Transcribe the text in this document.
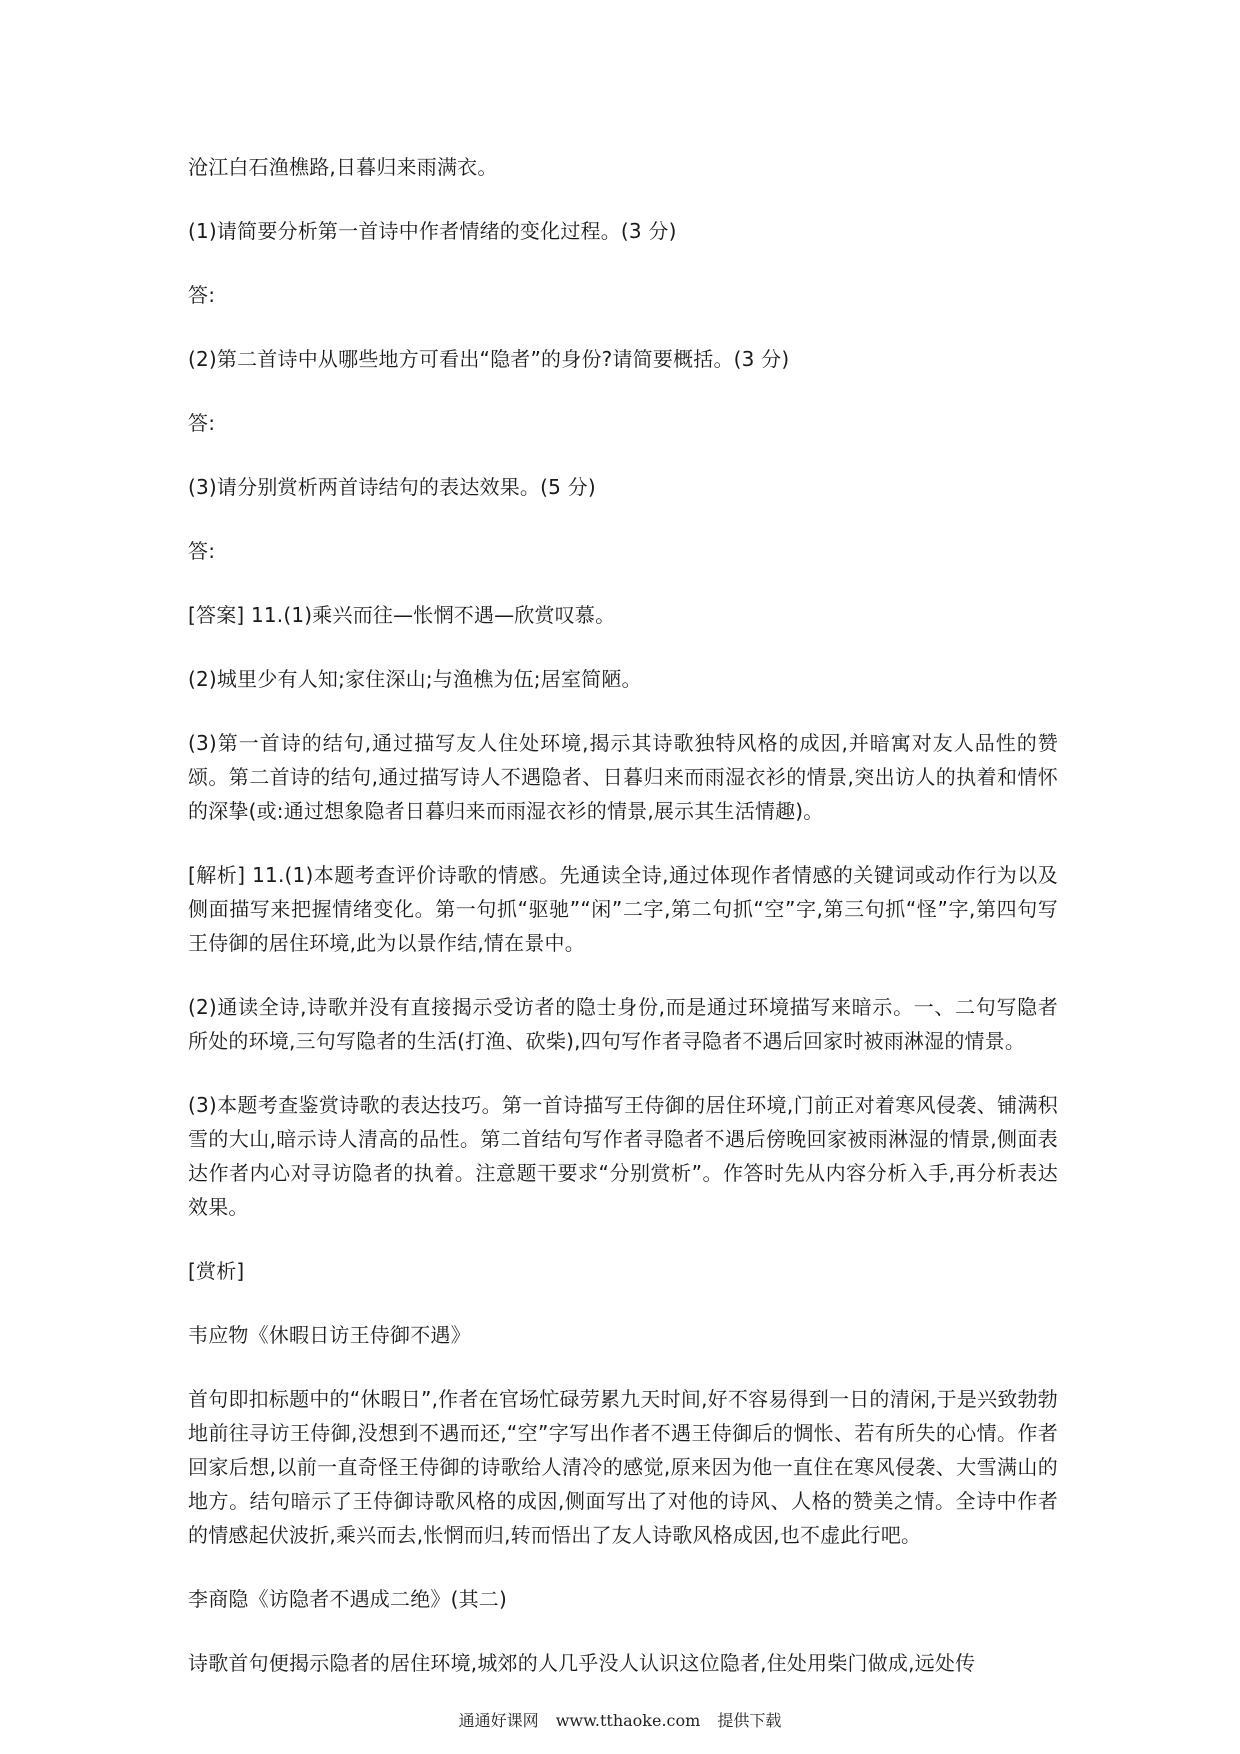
沧江白石渔樵路,日暮归来雨满衣。

(1)请简要分析第一首诗中作者情绪的变化过程。(3 分)

答:

(2)第二首诗中从哪些地方可看出“隐者”的身份?请简要概括。(3 分)

答:

(3)请分别赏析两首诗结句的表达效果。(5 分)

答:

[答案] 11.(1)乘兴而往—怅惘不遇—欣赏叹慕。

(2)城里少有人知;家住深山;与渔樵为伍;居室简陋。

(3)第一首诗的结句,通过描写友人住处环境,揭示其诗歌独特风格的成因,并暗寓对友人品性的赞颂。第二首诗的结句,通过描写诗人不遇隐者、日暮归来而雨湿衣衫的情景,突出访人的执着和情怀的深挚(或:通过想象隐者日暮归来而雨湿衣衫的情景,展示其生活情趣)。

[解析] 11.(1)本题考查评价诗歌的情感。先通读全诗,通过体现作者情感的关键词或动作行为以及侧面描写来把握情绪变化。第一句抓“驱驰”“闲”二字,第二句抓“空”字,第三句抓“怪”字,第四句写王侍御的居住环境,此为以景作结,情在景中。

(2)通读全诗,诗歌并没有直接揭示受访者的隐士身份,而是通过环境描写来暗示。一、二句写隐者所处的环境,三句写隐者的生活(打渔、砍柴),四句写作者寻隐者不遇后回家时被雨淋湿的情景。

(3)本题考查鉴赏诗歌的表达技巧。第一首诗描写王侍御的居住环境,门前正对着寒风侵袭、铺满积雪的大山,暗示诗人清高的品性。第二首结句写作者寻隐者不遇后傍晚回家被雨淋湿的情景,侧面表达作者内心对寻访隐者的执着。注意题干要求“分别赏析”。作答时先从内容分析入手,再分析表达效果。

[赏析]

韦应物《休暇日访王侍御不遇》

首句即扣标题中的“休暇日”,作者在官场忙碌劳累九天时间,好不容易得到一日的清闲,于是兴致勃勃地前往寻访王侍御,没想到不遇而还,“空”字写出作者不遇王侍御后的惆怅、若有所失的心情。作者回家后想,以前一直奇怪王侍御的诗歌给人清冷的感觉,原来因为他一直住在寒风侵袭、大雪满山的地方。结句暗示了王侍御诗歌风格的成因,侧面写出了对他的诗风、人格的赞美之情。全诗中作者的情感起伏波折,乘兴而去,怅惘而归,转而悟出了友人诗歌风格成因,也不虚此行吧。

李商隐《访隐者不遇成二绝》(其二)

诗歌首句便揭示隐者的居住环境,城郊的人几乎没人认识这位隐者,住处用柴门做成,远处传

通通好课网 www.tthaoke.com 提供下载
